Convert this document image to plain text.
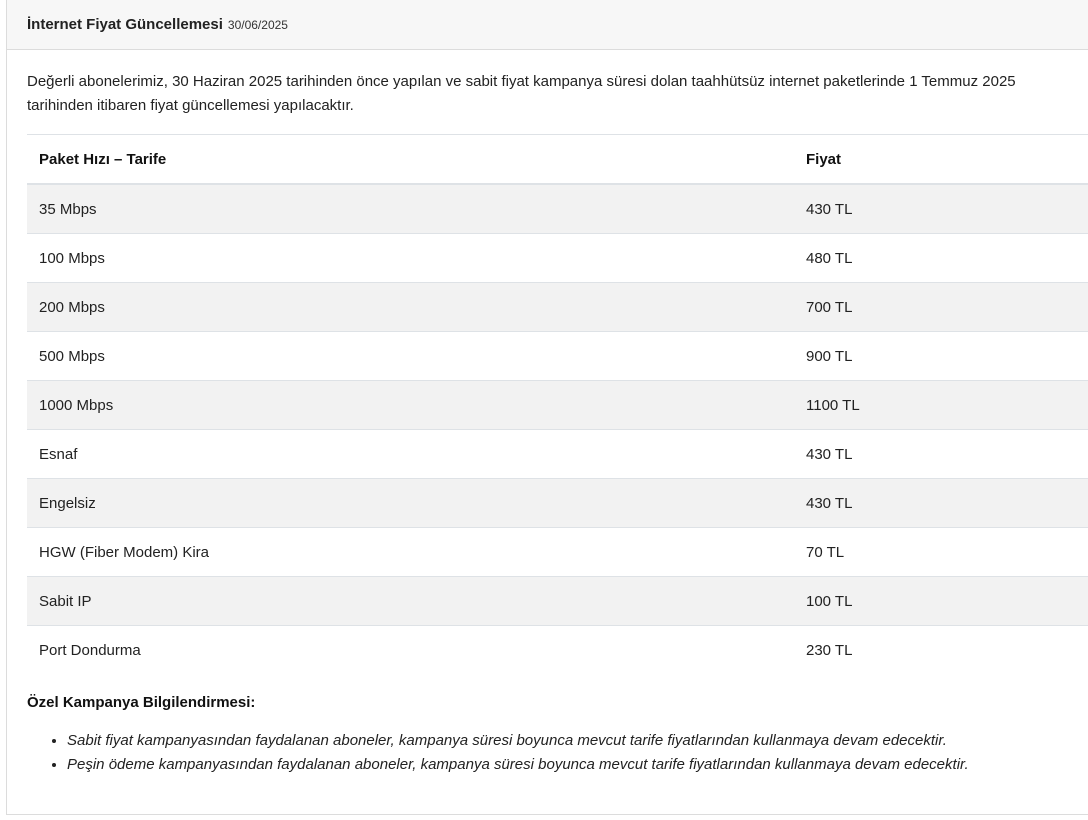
İnternet Fiyat Güncellemesi 30/06/2025

Değerli abonelerimiz, 30 Haziran 2025 tarihinden önce yapılan ve sabit fiyat kampanya süresi dolan taahhütsüz internet paketlerinde 1 Temmuz 2025 tarihinden itibaren fiyat güncellemesi yapılacaktır.

Paket Hızı – Tarife	Fiyat
35 Mbps	430 TL
100 Mbps	480 TL
200 Mbps	700 TL
500 Mbps	900 TL
1000 Mbps	1100 TL
Esnaf	430 TL
Engelsiz	430 TL
HGW (Fiber Modem) Kira	70 TL
Sabit IP	100 TL
Port Dondurma	230 TL

Özel Kampanya Bilgilendirmesi:

• Sabit fiyat kampanyasından faydalanan aboneler, kampanya süresi boyunca mevcut tarife fiyatlarından kullanmaya devam edecektir.
• Peşin ödeme kampanyasından faydalanan aboneler, kampanya süresi boyunca mevcut tarife fiyatlarından kullanmaya devam edecektir.
